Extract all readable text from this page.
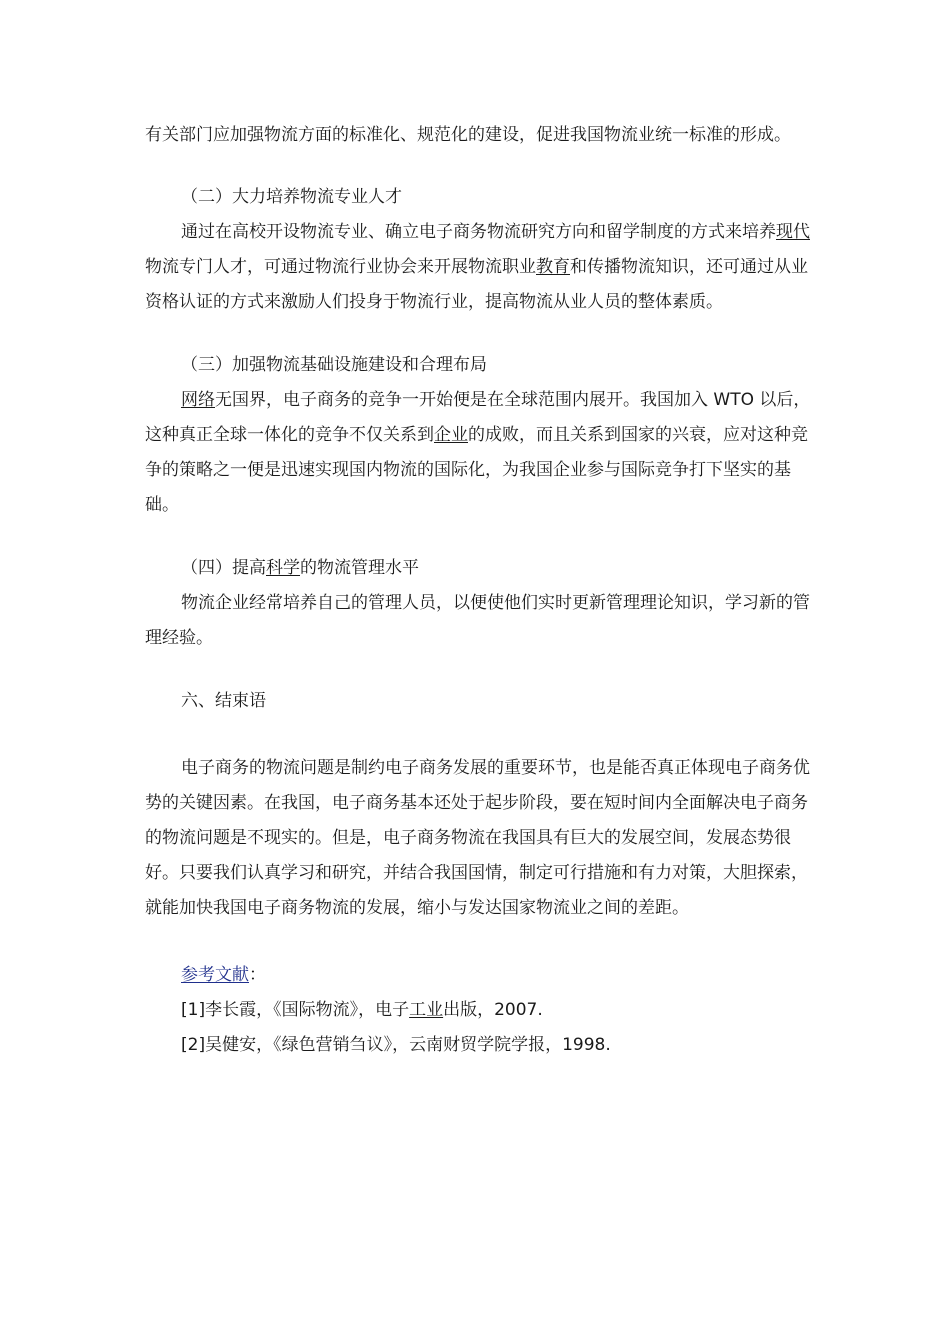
有关部门应加强物流方面的标准化、规范化的建设，促进我国物流业统一标准的形成。

（二）大力培养物流专业人才

通过在高校开设物流专业、确立电子商务物流研究方向和留学制度的方式来培养现代物流专门人才，可通过物流行业协会来开展物流职业教育和传播物流知识，还可通过从业资格认证的方式来激励人们投身于物流行业，提高物流从业人员的整体素质。

（三）加强物流基础设施建设和合理布局

网络无国界，电子商务的竞争一开始便是在全球范围内展开。我国加入 WTO 以后，这种真正全球一体化的竞争不仅关系到企业的成败，而且关系到国家的兴衰，应对这种竞争的策略之一便是迅速实现国内物流的国际化，为我国企业参与国际竞争打下坚实的基础。

（四）提高科学的物流管理水平

物流企业经常培养自己的管理人员，以便使他们实时更新管理理论知识，学习新的管理经验。

六、结束语

电子商务的物流问题是制约电子商务发展的重要环节，也是能否真正体现电子商务优势的关键因素。在我国，电子商务基本还处于起步阶段，要在短时间内全面解决电子商务的物流问题是不现实的。但是，电子商务物流在我国具有巨大的发展空间，发展态势很好。只要我们认真学习和研究，并结合我国国情，制定可行措施和有力对策，大胆探索，就能加快我国电子商务物流的发展，缩小与发达国家物流业之间的差距。

参考文献：

[1]李长霞，《国际物流》，电子工业出版，2007.

[2]吴健安，《绿色营销刍议》，云南财贸学院学报，1998.
